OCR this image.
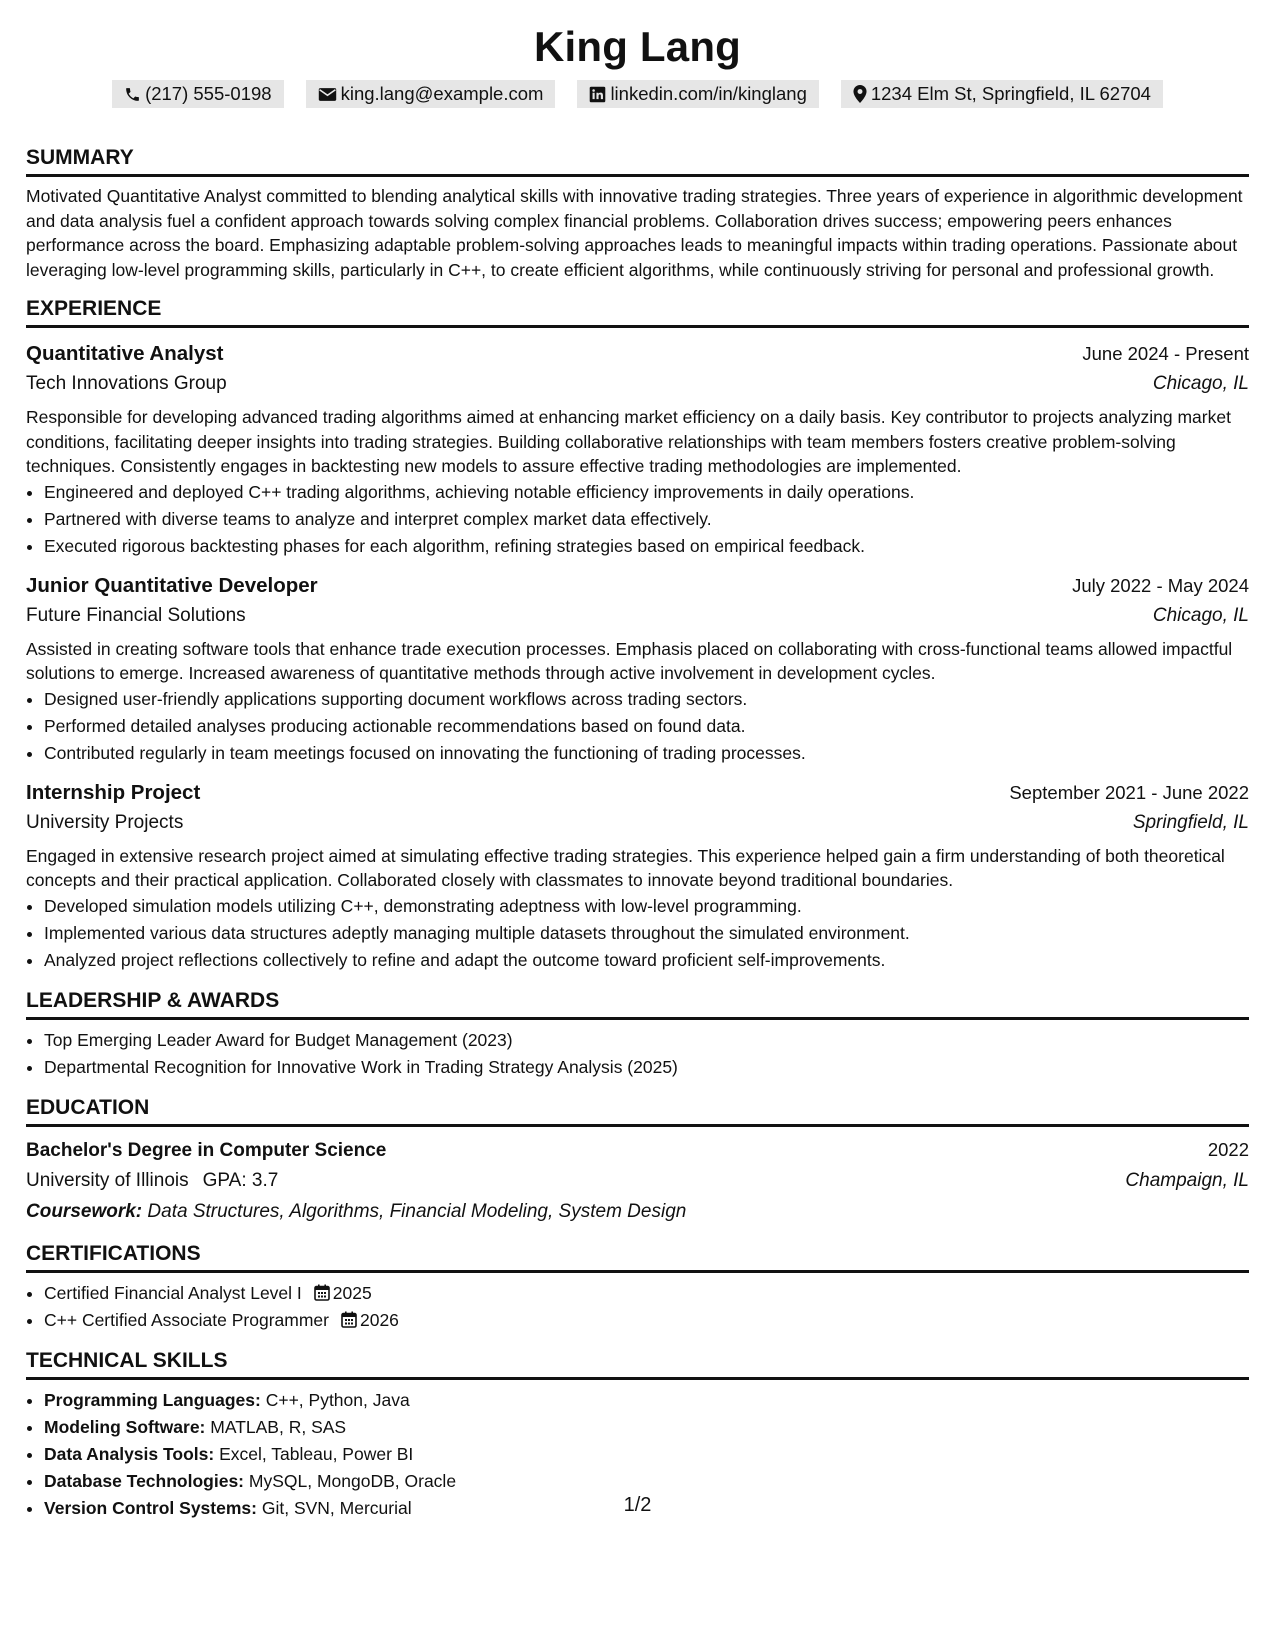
King Lang
(217) 555-0198	king.lang@example.com	linkedin.com/in/kinglang	1234 Elm St, Springfield, IL 62704
SUMMARY

Motivated Quantitative Analyst committed to blending analytical skills with innovative trading strategies. Three years of experience in algorithmic development and data analysis fuel a confident approach towards solving complex financial problems. Collaboration drives success; empowering peers enhances performance across the board. Emphasizing adaptable problem-solving approaches leads to meaningful impacts within trading operations. Passionate about leveraging low-level programming skills, particularly in C++, to create efficient algorithms, while continuously striving for personal and professional growth.

EXPERIENCE
Quantitative Analyst	June 2024 - Present
Tech Innovations Group	Chicago, IL

Responsible for developing advanced trading algorithms aimed at enhancing market efficiency on a daily basis. Key contributor to projects analyzing market conditions, facilitating deeper insights into trading strategies. Building collaborative relationships with team members fosters creative problem-solving techniques. Consistently engages in backtesting new models to assure effective trading methodologies are implemented.

• Engineered and deployed C++ trading algorithms, achieving notable efficiency improvements in daily operations.
• Partnered with diverse teams to analyze and interpret complex market data effectively.
• Executed rigorous backtesting phases for each algorithm, refining strategies based on empirical feedback.
Junior Quantitative Developer	July 2022 - May 2024
Future Financial Solutions	Chicago, IL

Assisted in creating software tools that enhance trade execution processes. Emphasis placed on collaborating with cross-functional teams allowed impactful solutions to emerge. Increased awareness of quantitative methods through active involvement in development cycles.

• Designed user-friendly applications supporting document workflows across trading sectors.
• Performed detailed analyses producing actionable recommendations based on found data.
• Contributed regularly in team meetings focused on innovating the functioning of trading processes.
Internship Project	September 2021 - June 2022
University Projects	Springfield, IL

Engaged in extensive research project aimed at simulating effective trading strategies. This experience helped gain a firm understanding of both theoretical concepts and their practical application. Collaborated closely with classmates to innovate beyond traditional boundaries.

• Developed simulation models utilizing C++, demonstrating adeptness with low-level programming.
• Implemented various data structures adeptly managing multiple datasets throughout the simulated environment.
• Analyzed project reflections collectively to refine and adapt the outcome toward proficient self-improvements.
LEADERSHIP & AWARDS
• Top Emerging Leader Award for Budget Management (2023)
• Departmental Recognition for Innovative Work in Trading Strategy Analysis (2025)
EDUCATION
Bachelor's Degree in Computer Science	2022
University of Illinois GPA: 3.7	Champaign, IL
Coursework: Data Structures, Algorithms, Financial Modeling, System Design
CERTIFICATIONS
• Certified Financial Analyst Level I 2025
• C++ Certified Associate Programmer 2026
TECHNICAL SKILLS
• Programming Languages: C++, Python, Java
• Modeling Software: MATLAB, R, SAS
• Data Analysis Tools: Excel, Tableau, Power BI
• Database Technologies: MySQL, MongoDB, Oracle
• Version Control Systems: Git, SVN, Mercurial	1/2
